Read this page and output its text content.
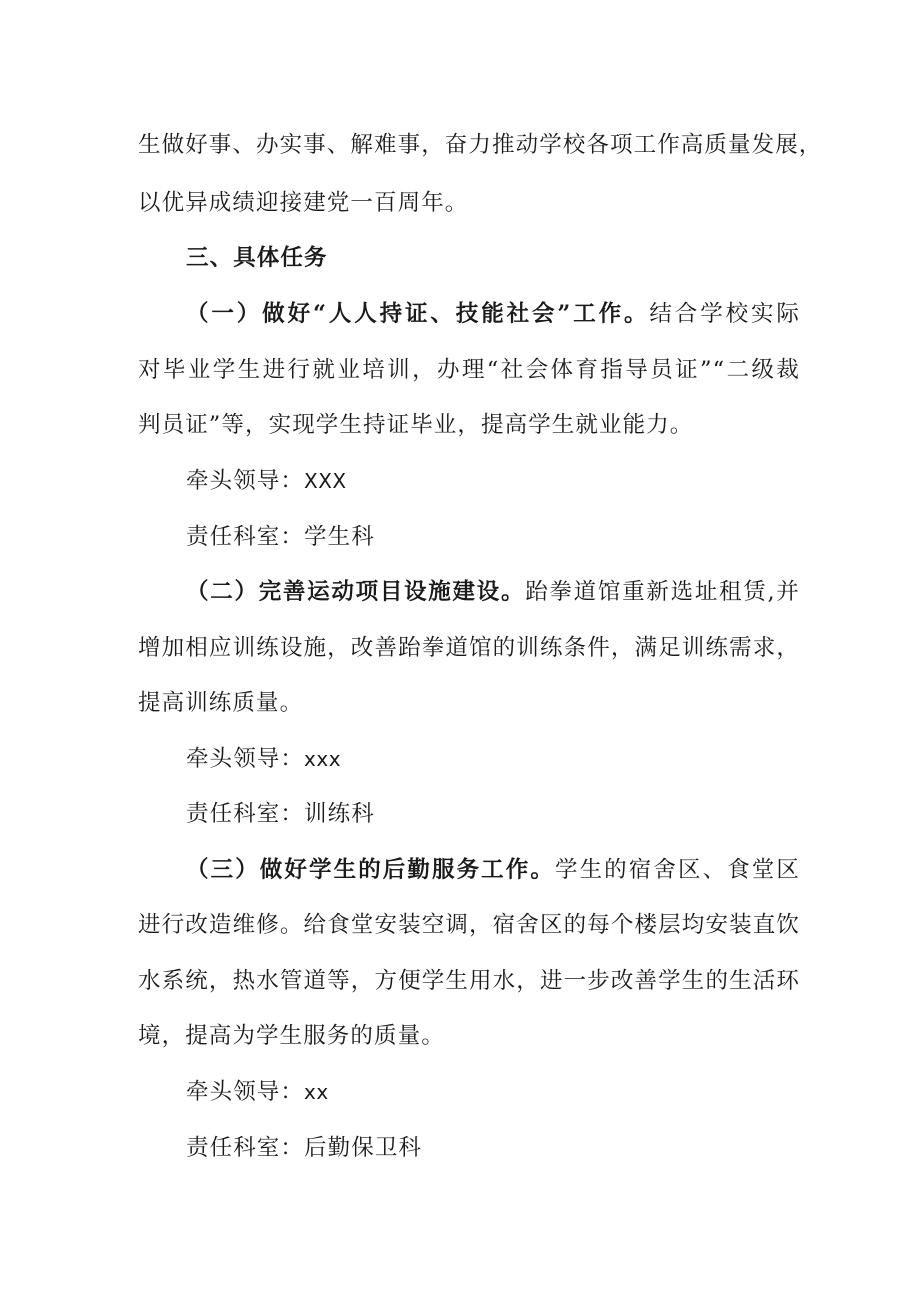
生做好事、办实事、解难事，奋力推动学校各项工作高质量发展，
以优异成绩迎接建党一百周年。
三、具体任务
（一）做好“人人持证、技能社会”工作。结合学校实际
对毕业学生进行就业培训，办理“社会体育指导员证”“二级裁
判员证”等，实现学生持证毕业，提高学生就业能力。
牵头领导：XXX
责任科室：学生科
（二）完善运动项目设施建设。跆拳道馆重新选址租赁,并
增加相应训练设施，改善跆拳道馆的训练条件，满足训练需求，
提高训练质量。
牵头领导：xxx
责任科室：训练科
（三）做好学生的后勤服务工作。学生的宿舍区、食堂区
进行改造维修。给食堂安装空调，宿舍区的每个楼层均安装直饮
水系统，热水管道等，方便学生用水，进一步改善学生的生活环
境，提高为学生服务的质量。
牵头领导：xx
责任科室：后勤保卫科
